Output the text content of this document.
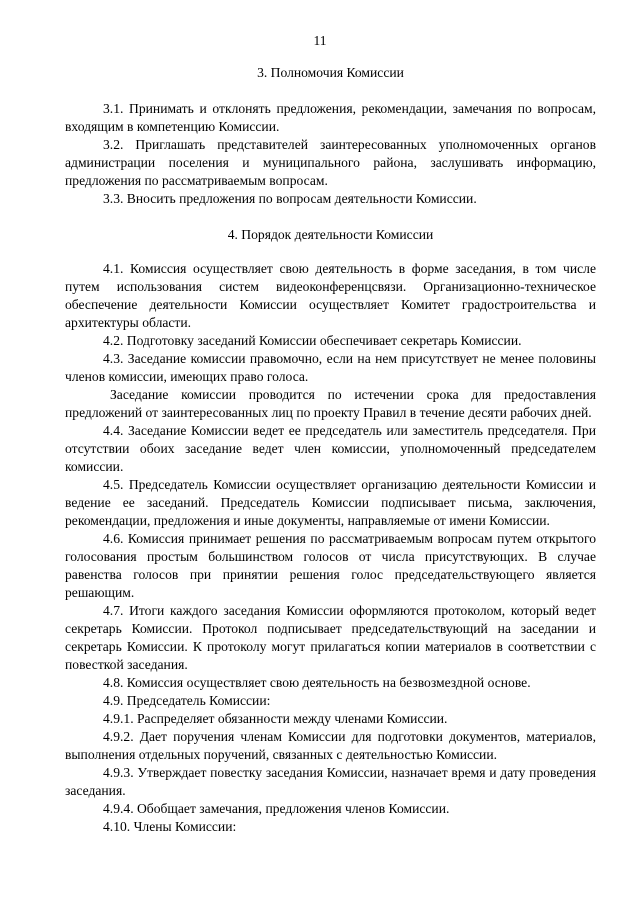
11
3. Полномочия Комиссии

3.1. Принимать и отклонять предложения, рекомендации, замечания по вопросам, входящим в компетенцию Комиссии.

3.2. Приглашать представителей заинтересованных уполномоченных органов администрации поселения и муниципального района, заслушивать информацию, предложения по рассматриваемым вопросам.

3.3. Вносить предложения по вопросам деятельности Комиссии.

4. Порядок деятельности Комиссии

4.1. Комиссия осуществляет свою деятельность в форме заседания, в том числе путем использования систем видеоконференцсвязи. Организационно-техническое обеспечение деятельности Комиссии осуществляет Комитет градостроительства и архитектуры области.

4.2. Подготовку заседаний Комиссии обеспечивает секретарь Комиссии.

4.3. Заседание комиссии правомочно, если на нем присутствует не менее половины членов комиссии, имеющих право голоса.

Заседание комиссии проводится по истечении срока для предоставления предложений от заинтересованных лиц по проекту Правил в течение десяти рабочих дней.

4.4. Заседание Комиссии ведет ее председатель или заместитель председателя. При отсутствии обоих заседание ведет член комиссии, уполномоченный председателем комиссии.

4.5. Председатель Комиссии осуществляет организацию деятельности Комиссии и ведение ее заседаний. Председатель Комиссии подписывает письма, заключения, рекомендации, предложения и иные документы, направляемые от имени Комиссии.

4.6. Комиссия принимает решения по рассматриваемым вопросам путем открытого голосования простым большинством голосов от числа присутствующих. В случае равенства голосов при принятии решения голос председательствующего является решающим.

4.7. Итоги каждого заседания Комиссии оформляются протоколом, который ведет секретарь Комиссии. Протокол подписывает председательствующий на заседании и секретарь Комиссии. К протоколу могут прилагаться копии материалов в соответствии с повесткой заседания.

4.8. Комиссия осуществляет свою деятельность на безвозмездной основе.

4.9. Председатель Комиссии:

4.9.1. Распределяет обязанности между членами Комиссии.

4.9.2. Дает поручения членам Комиссии для подготовки документов, материалов, выполнения отдельных поручений, связанных с деятельностью Комиссии.

4.9.3. Утверждает повестку заседания Комиссии, назначает время и дату проведения заседания.

4.9.4. Обобщает замечания, предложения членов Комиссии.

4.10. Члены Комиссии:
